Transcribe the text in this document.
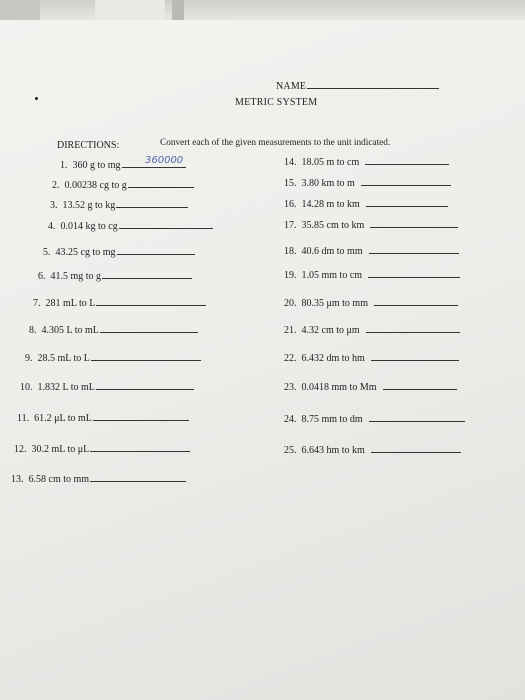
NAME
METRIC SYSTEM
DIRECTIONS:	Convert each of the given measurements to the unit indicated.
1. 360 g to mg	360000
2. 0.00238 cg to g
3. 13.52 g to kg
4. 0.014 kg to cg
5. 43.25 cg to mg
6. 41.5 mg to g
7. 281 mL to L
8. 4.305 L to mL
9. 28.5 mL to L
10. 1.832 L to mL
11. 61.2 μL to mL
12. 30.2 mL to μL
13. 6.58 cm to mm
14. 18.05 m to cm
15. 3.80 km to m
16. 14.28 m to km
17. 35.85 cm to km
18. 40.6 dm to mm
19. 1.05 mm to cm
20. 80.35 μm to mm
21. 4.32 cm to μm
22. 6.432 dm to hm
23. 0.0418 mm to Mm
24. 8.75 mm to dm
25. 6.643 hm to km
